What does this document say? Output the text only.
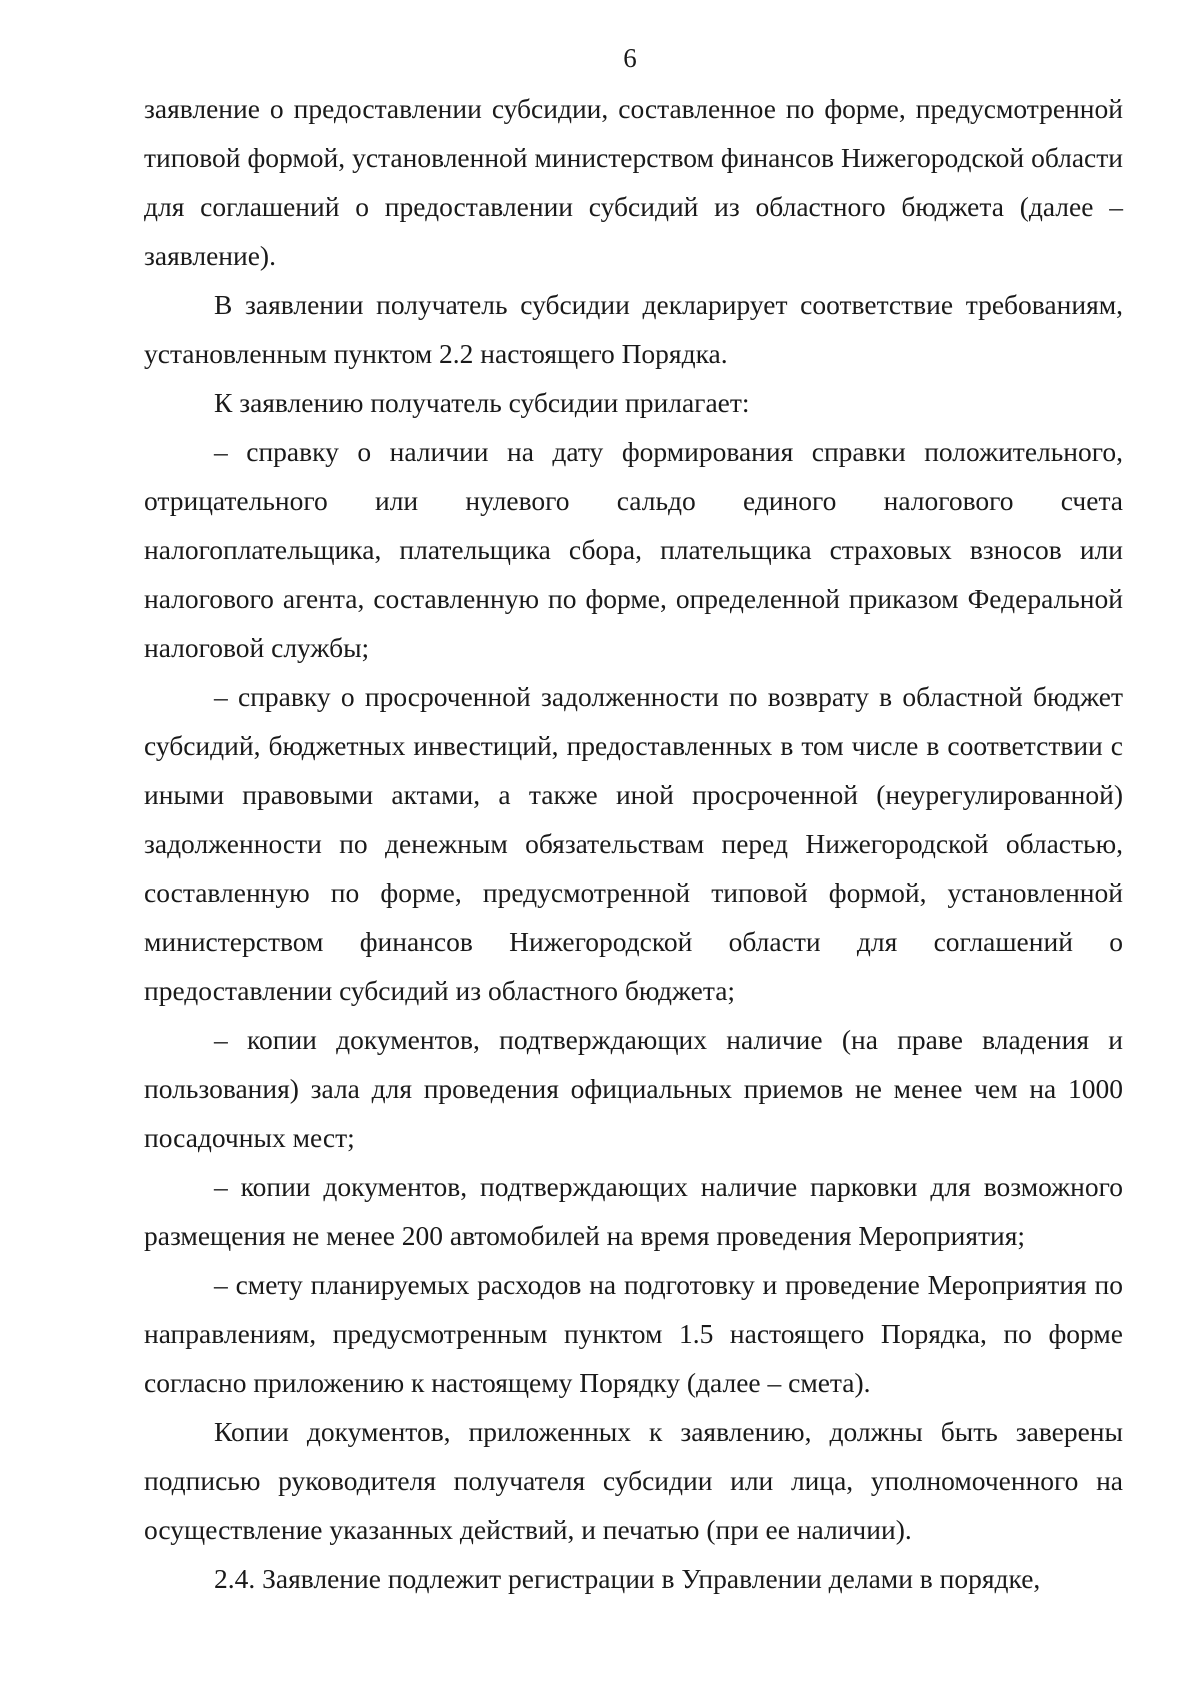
6

заявление о предоставлении субсидии, составленное по форме, предусмотренной типовой формой, установленной министерством финансов Нижегородской области для соглашений о предоставлении субсидий из областного бюджета (далее – заявление).

В заявлении получатель субсидии декларирует соответствие требованиям, установленным пунктом 2.2 настоящего Порядка.

К заявлению получатель субсидии прилагает:

– справку о наличии на дату формирования справки положительного, отрицательного или нулевого сальдо единого налогового счета налогоплательщика, плательщика сбора, плательщика страховых взносов или налогового агента, составленную по форме, определенной приказом Федеральной налоговой службы;

– справку о просроченной задолженности по возврату в областной бюджет субсидий, бюджетных инвестиций, предоставленных в том числе в соответствии с иными правовыми актами, а также иной просроченной (неурегулированной) задолженности по денежным обязательствам перед Нижегородской областью, составленную по форме, предусмотренной типовой формой, установленной министерством финансов Нижегородской области для соглашений о предоставлении субсидий из областного бюджета;

– копии документов, подтверждающих наличие (на праве владения и пользования) зала для проведения официальных приемов не менее чем на 1000 посадочных мест;

– копии документов, подтверждающих наличие парковки для возможного размещения не менее 200 автомобилей на время проведения Мероприятия;

– смету планируемых расходов на подготовку и проведение Мероприятия по направлениям, предусмотренным пунктом 1.5 настоящего Порядка, по форме согласно приложению к настоящему Порядку (далее – смета).

Копии документов, приложенных к заявлению, должны быть заверены подписью руководителя получателя субсидии или лица, уполномоченного на осуществление указанных действий, и печатью (при ее наличии).

2.4. Заявление подлежит регистрации в Управлении делами в порядке,
